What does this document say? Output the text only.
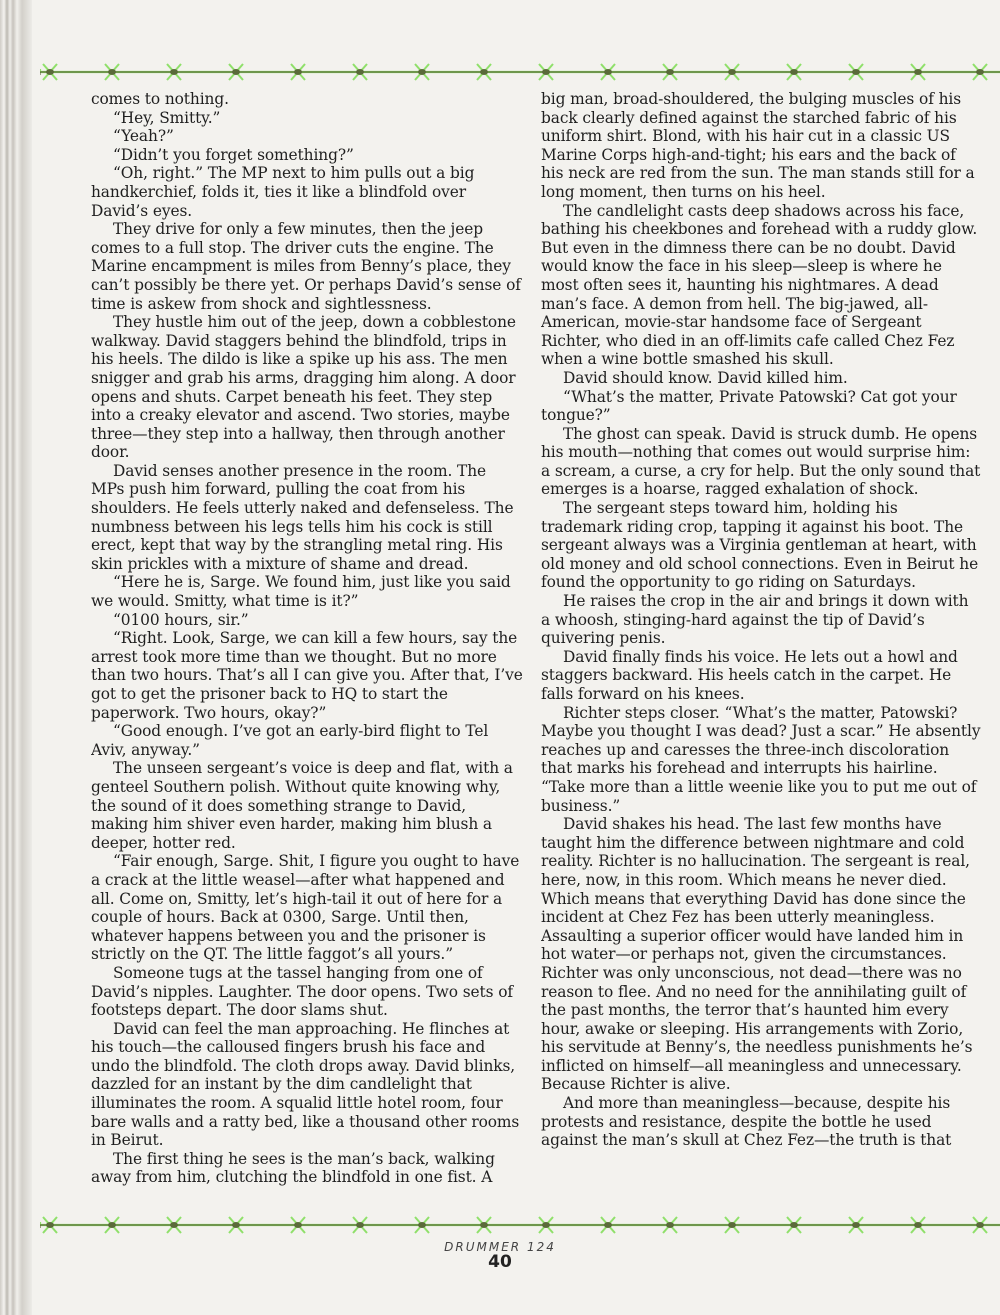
comes to nothing.

“Hey, Smitty.”

“Yeah?”

“Didn’t you forget something?”

“Oh, right.” The MP next to him pulls out a big handkerchief, folds it, ties it like a blindfold over David’s eyes.

They drive for only a few minutes, then the jeep comes to a full stop. The driver cuts the engine. The Marine encampment is miles from Benny’s place, they can’t possibly be there yet. Or perhaps David’s sense of time is askew from shock and sightlessness.

They hustle him out of the jeep, down a cobblestone walkway. David staggers behind the blindfold, trips in his heels. The dildo is like a spike up his ass. The men snigger and grab his arms, dragging him along. A door opens and shuts. Carpet beneath his feet. They step into a creaky elevator and ascend. Two stories, maybe three—they step into a hallway, then through another door.

David senses another presence in the room. The MPs push him forward, pulling the coat from his shoulders. He feels utterly naked and defenseless. The numbness between his legs tells him his cock is still erect, kept that way by the strangling metal ring. His skin prickles with a mixture of shame and dread.

“Here he is, Sarge. We found him, just like you said we would. Smitty, what time is it?”

“0100 hours, sir.”

“Right. Look, Sarge, we can kill a few hours, say the arrest took more time than we thought. But no more than two hours. That’s all I can give you. After that, I’ve got to get the prisoner back to HQ to start the paperwork. Two hours, okay?”

“Good enough. I’ve got an early-bird flight to Tel Aviv, anyway.”

The unseen sergeant’s voice is deep and flat, with a genteel Southern polish. Without quite knowing why, the sound of it does something strange to David, making him shiver even harder, making him blush a deeper, hotter red.

“Fair enough, Sarge. Shit, I figure you ought to have a crack at the little weasel—after what happened and all. Come on, Smitty, let’s high-tail it out of here for a couple of hours. Back at 0300, Sarge. Until then, whatever happens between you and the prisoner is strictly on the QT. The little faggot’s all yours.”

Someone tugs at the tassel hanging from one of David’s nipples. Laughter. The door opens. Two sets of footsteps depart. The door slams shut.

David can feel the man approaching. He flinches at his touch—the calloused fingers brush his face and undo the blindfold. The cloth drops away. David blinks, dazzled for an instant by the dim candlelight that illuminates the room. A squalid little hotel room, four bare walls and a ratty bed, like a thousand other rooms in Beirut.

The first thing he sees is the man’s back, walking away from him, clutching the blindfold in one fist. A

big man, broad-shouldered, the bulging muscles of his back clearly defined against the starched fabric of his uniform shirt. Blond, with his hair cut in a classic US Marine Corps high-and-tight; his ears and the back of his neck are red from the sun. The man stands still for a long moment, then turns on his heel.

The candlelight casts deep shadows across his face, bathing his cheekbones and forehead with a ruddy glow. But even in the dimness there can be no doubt. David would know the face in his sleep—sleep is where he most often sees it, haunting his nightmares. A dead man’s face. A demon from hell. The big-jawed, all-American, movie-star handsome face of Sergeant Richter, who died in an off-limits cafe called Chez Fez when a wine bottle smashed his skull.

David should know. David killed him.

“What’s the matter, Private Patowski? Cat got your tongue?”

The ghost can speak. David is struck dumb. He opens his mouth—nothing that comes out would surprise him: a scream, a curse, a cry for help. But the only sound that emerges is a hoarse, ragged exhalation of shock.

The sergeant steps toward him, holding his trademark riding crop, tapping it against his boot. The sergeant always was a Virginia gentleman at heart, with old money and old school connections. Even in Beirut he found the opportunity to go riding on Saturdays.

He raises the crop in the air and brings it down with a whoosh, stinging-hard against the tip of David’s quivering penis.

David finally finds his voice. He lets out a howl and staggers backward. His heels catch in the carpet. He falls forward on his knees.

Richter steps closer. “What’s the matter, Patowski? Maybe you thought I was dead? Just a scar.” He absently reaches up and caresses the three-inch discoloration that marks his forehead and interrupts his hairline. “Take more than a little weenie like you to put me out of business.”

David shakes his head. The last few months have taught him the difference between nightmare and cold reality. Richter is no hallucination. The sergeant is real, here, now, in this room. Which means he never died. Which means that everything David has done since the incident at Chez Fez has been utterly meaningless. Assaulting a superior officer would have landed him in hot water—or perhaps not, given the circumstances. Richter was only unconscious, not dead—there was no reason to flee. And no need for the annihilating guilt of the past months, the terror that’s haunted him every hour, awake or sleeping. His arrangements with Zorio, his servitude at Benny’s, the needless punishments he’s inflicted on himself—all meaningless and unnecessary. Because Richter is alive.

And more than meaningless—because, despite his protests and resistance, despite the bottle he used against the man’s skull at Chez Fez—the truth is that

DRUMMER 124
40
